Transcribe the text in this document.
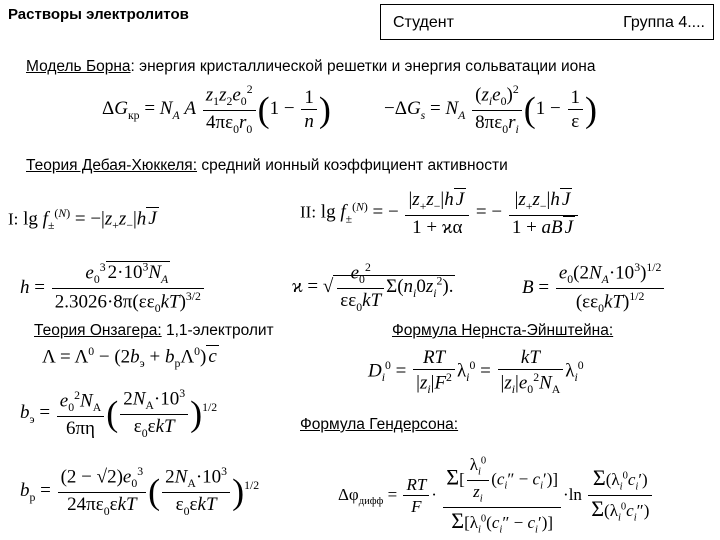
Растворы электролитов	Студент	Группа 4....
Модель Борна: энергия кристаллической решетки и энергия сольватации иона
$\Delta G_{кр} = N_A$ A $\frac{z_1z_2e_0^2}{4\pi\varepsilon_0r_0} (1 - \frac{1}{n}$ )	$-\Delta G_s = N_A \frac{(z_ie_0)^2}{8\pi\varepsilon_0r_i} (1 - \frac{1}{\varepsilon}$ )
Теория Дебая-Хюккеля: средний ионный коэффициент активности
I: $\lg f_\pm^{(N)} = -|z_+z_-|h$ J	II: $\lg f_\pm^{(N)}$ = − $\frac{|z_+z_-|h J}{1 + ϰ\alpha}$ = − $\frac{|z_+z_-|h J}{\text{1 + aB J}}$
$h = \frac{e_0^3 2\cdot 10^3N_A}{2.3026\cdot 8\pi(\varepsilon\varepsilon_0kT)^{3/2}}$	ϰ = √ $\frac{e_0^2}{\varepsilon\varepsilon_0kT} \Sigma(n_i0z_i^2)$.	$B = \frac{e_0(2N_A\cdot 10^3)^{1/2}}{(\varepsilon\varepsilon_0kT)^{1/2}}$
Теория Онзагера: 1,1-электролит
$\Lambda = \Lambda^0 - (2b_э + b_р\Lambda^0)$ c
$b_э = \frac{e_0^2N_A}{6\pi\eta}$ ( $\frac{2N_A\cdot 10^3}{\varepsilon_0\varepsilon kT} )^{1/2}$
$b_р = \frac{(2 - √2)e_0^3}{24\pi\varepsilon_0\varepsilon kT}$ ( $\frac{2N_A\cdot 10^3}{\varepsilon_0\varepsilon kT} )^{1/2}$
Формула Нернста-Эйнштейна:
$D_i^0 = \frac{RT}{|z_i|F^2} \lambda_i^0 = \frac{kT}{|z_i|e_0^2N_A} \lambda_i^0$
Формула Гендерсона:
$\Delta\varphi_{дифф} = \frac{RT}{F} \cdot \frac{\Sigma[ \frac{\lambda_i^0}{z_i} (c_i'' - c_i')]}{\Sigma[\lambda_i^0(c_i'' - c_i')]} \cdot\ln \frac{\Sigma(\lambda_i^0c_i')}{\Sigma(\lambda_i^0c_i'')}$
